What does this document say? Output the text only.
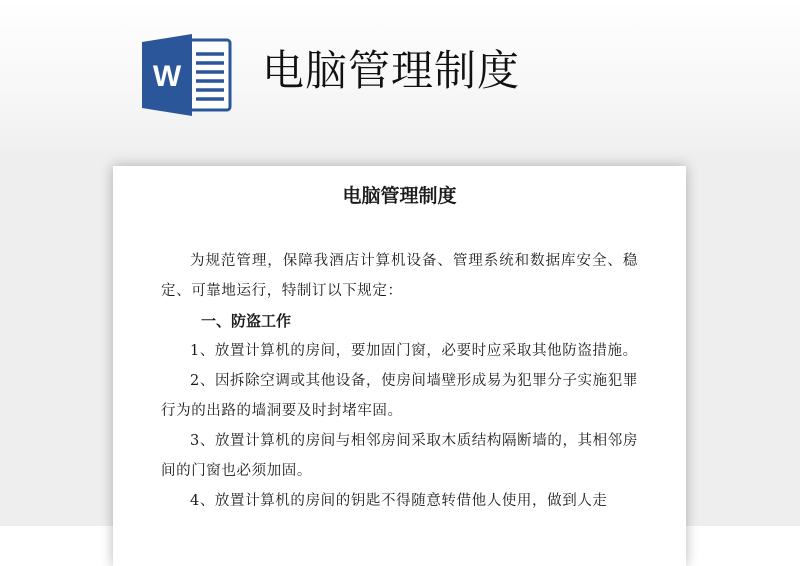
W 电脑管理制度
电脑管理制度

为规范管理，保障我酒店计算机设备、管理系统和数据库安全、稳定、可靠地运行，特制订以下规定：

一、防盗工作

1、放置计算机的房间，要加固门窗，必要时应采取其他防盗措施。

2、因拆除空调或其他设备，使房间墙壁形成易为犯罪分子实施犯罪行为的出路的墙洞要及时封堵牢固。

3、放置计算机的房间与相邻房间采取木质结构隔断墙的，其相邻房间的门窗也必须加固。

4、放置计算机的房间的钥匙不得随意转借他人使用，做到人走
